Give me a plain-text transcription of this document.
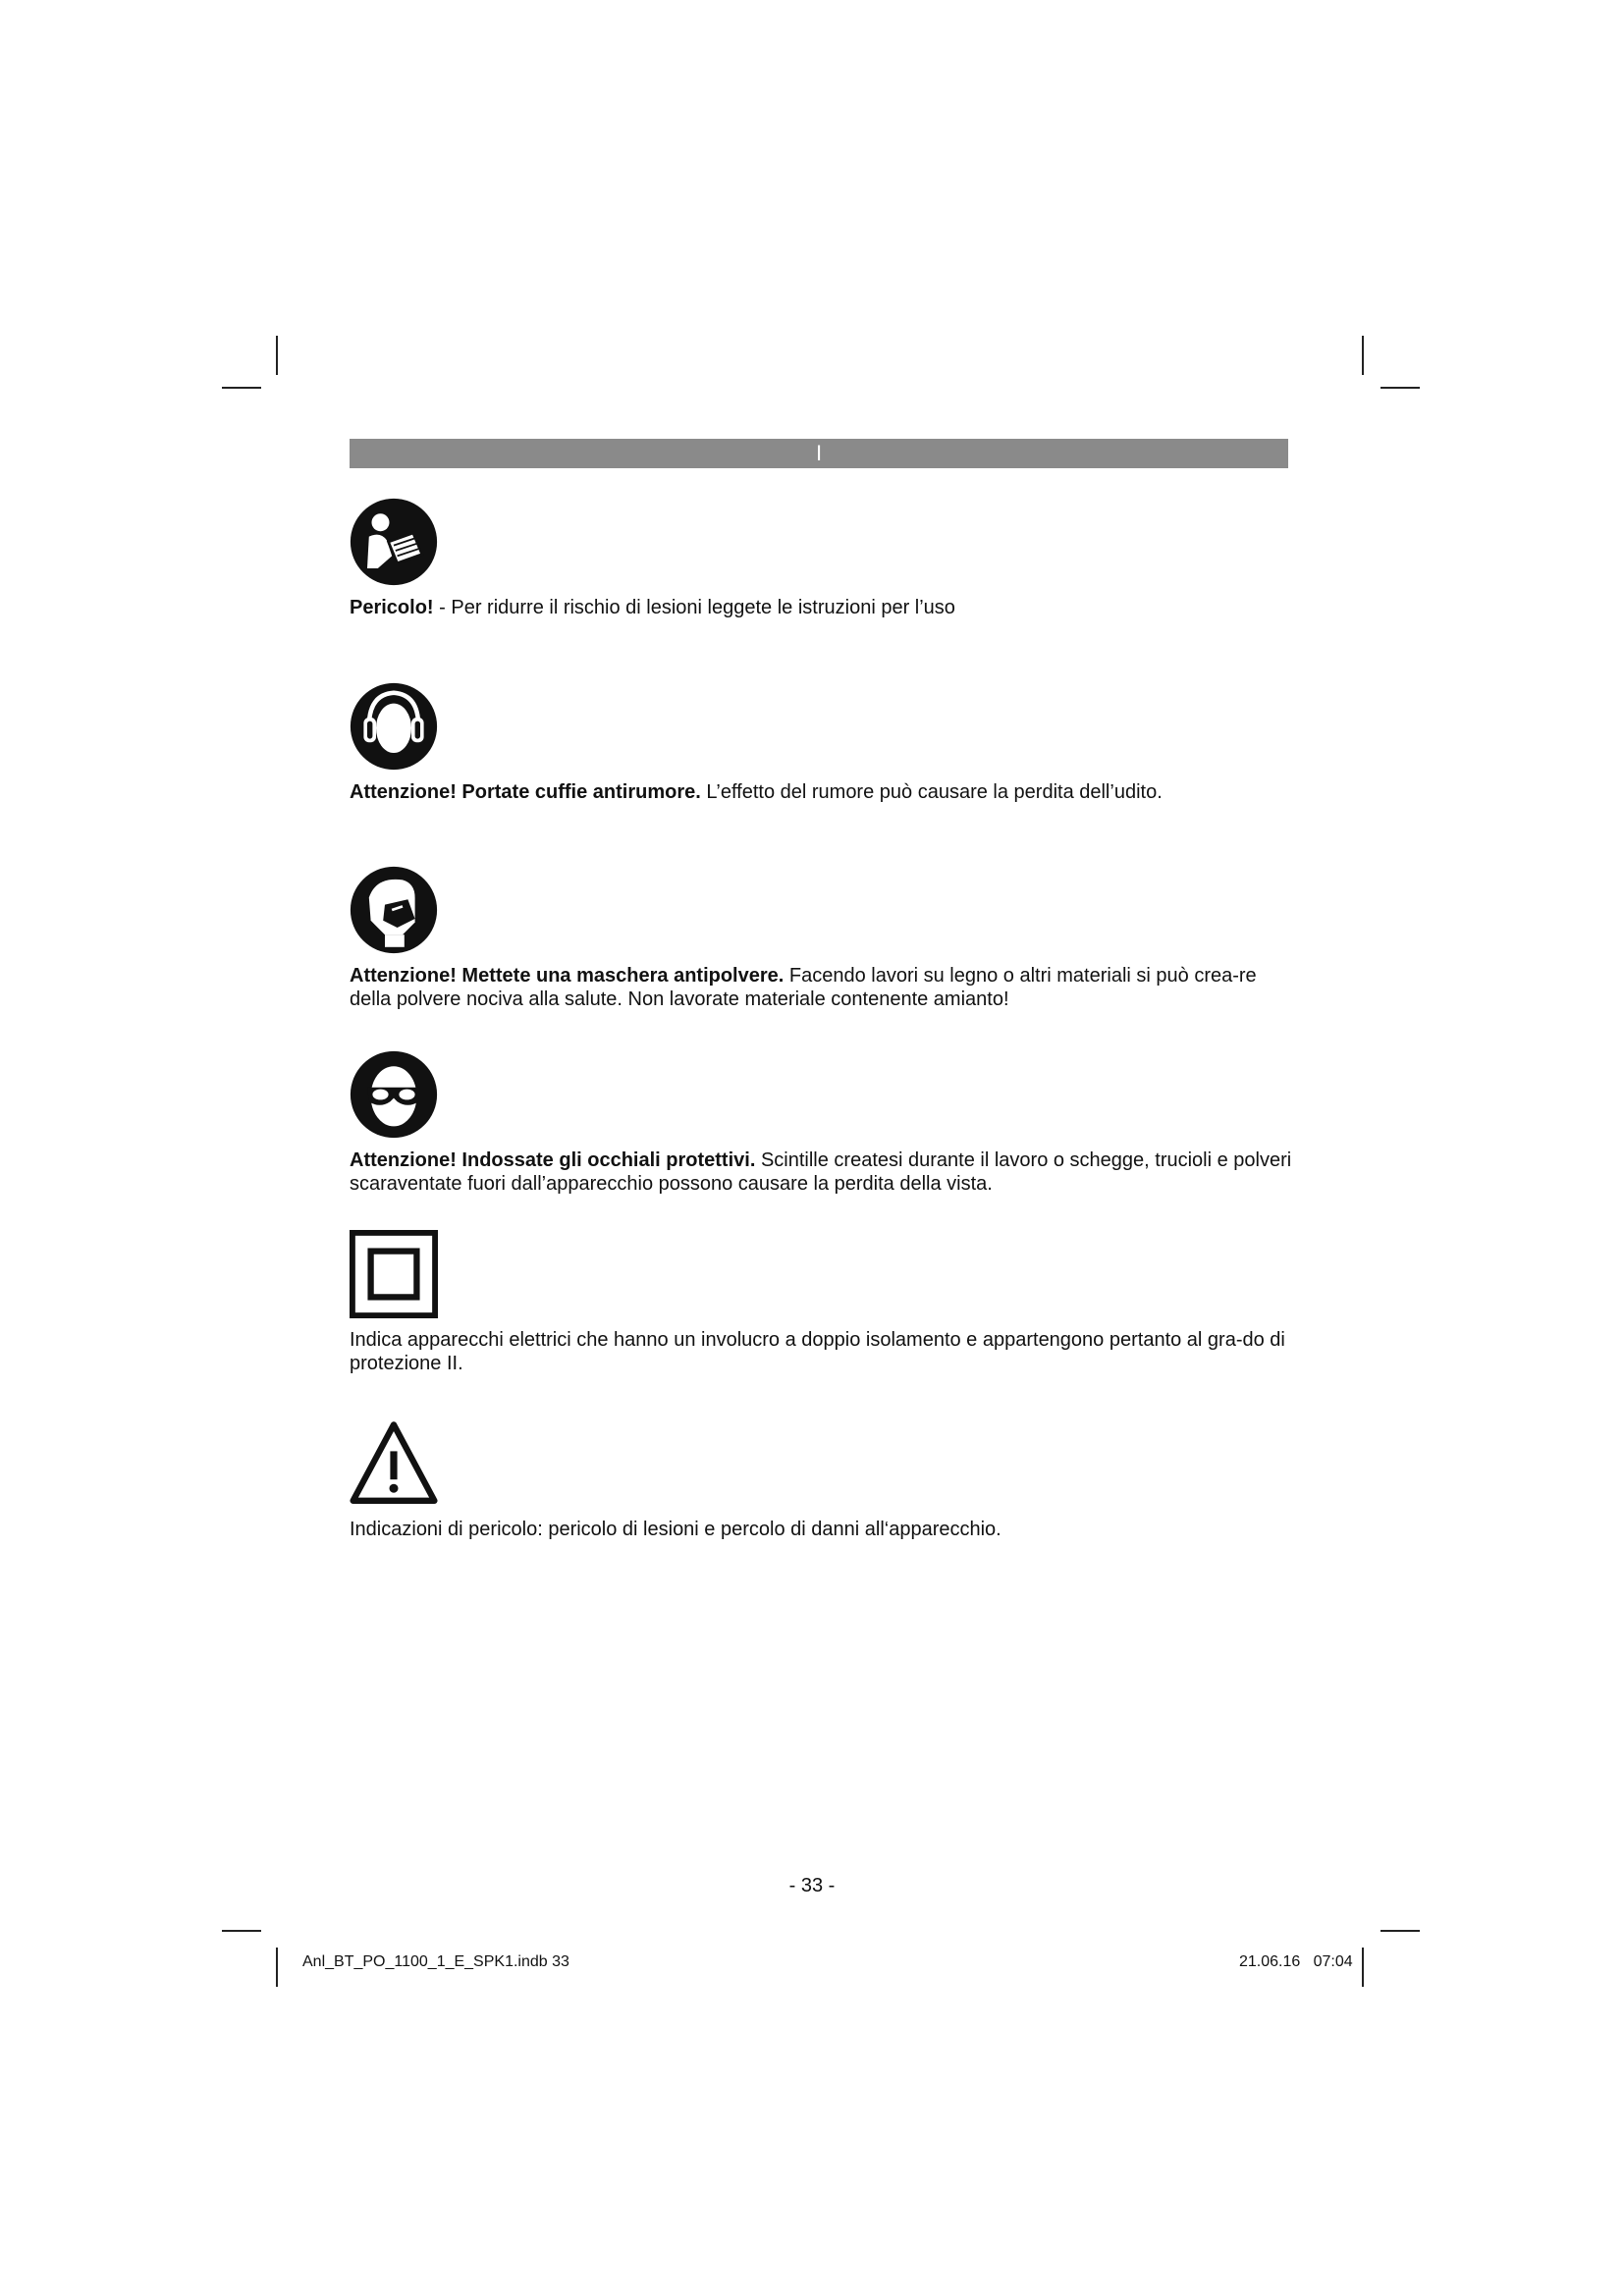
I
Pericolo! - Per ridurre il rischio di lesioni leggete le istruzioni per l’uso
Attenzione! Portate cuffie antirumore. L’effetto del rumore può causare la perdita dell’udito.
Attenzione! Mettete una maschera antipolvere. Facendo lavori su legno o altri materiali si può crea-re della polvere nociva alla salute. Non lavorate materiale contenente amianto!
Attenzione! Indossate gli occhiali protettivi. Scintille createsi durante il lavoro o schegge, trucioli e polveri scaraventate fuori dall’apparecchio possono causare la perdita della vista.
Indica apparecchi elettrici che hanno un involucro a doppio isolamento e appartengono pertanto al gra-do di protezione II.
Indicazioni di pericolo: pericolo di lesioni e percolo di danni all‘apparecchio.
- 33 -
Anl_BT_PO_1100_1_E_SPK1.indb 33	21.06.16   07:04
